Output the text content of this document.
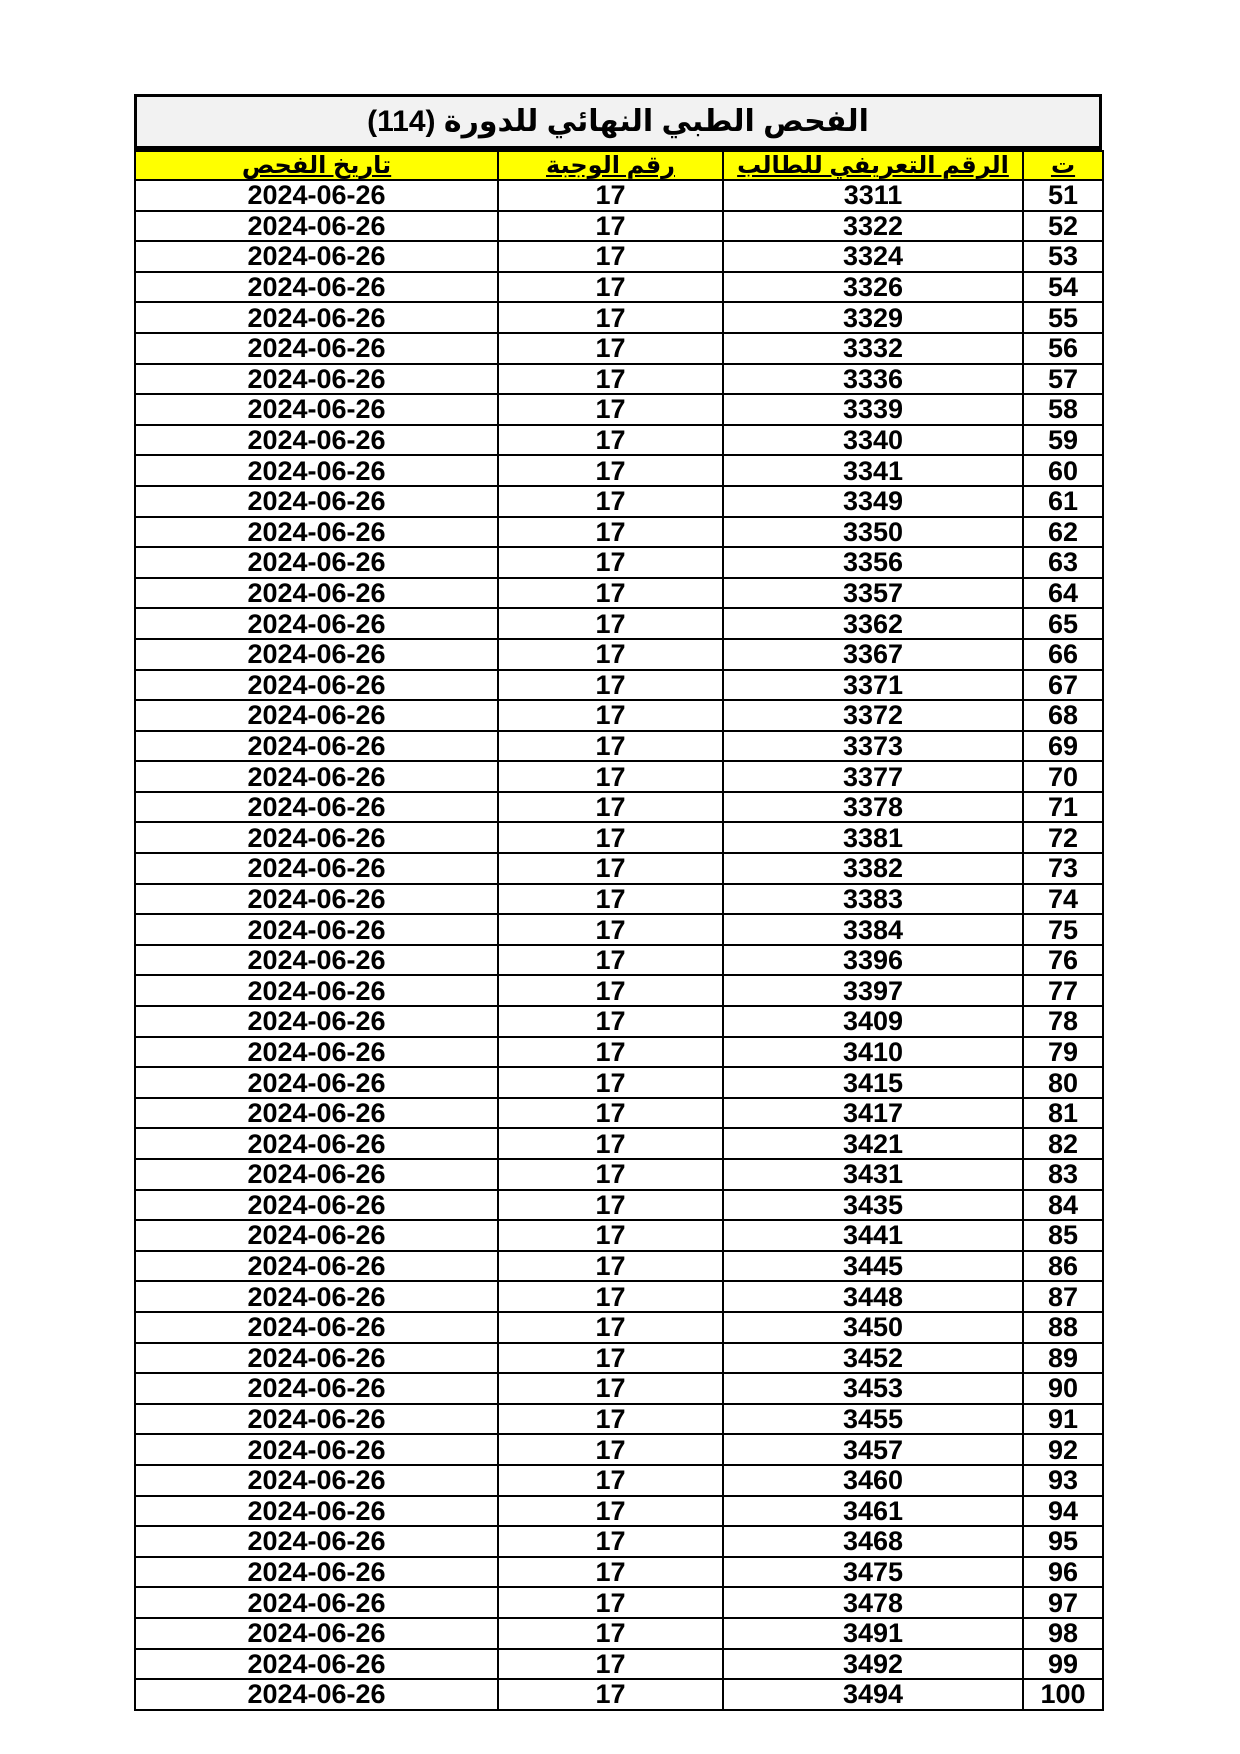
الفحص الطبي النهائي للدورة (114)
ت	الرقم التعريفي للطالب	رقم الوجبة	تاريخ الفحص
51	3311	17	2024-06-26
52	3322	17	2024-06-26
53	3324	17	2024-06-26
54	3326	17	2024-06-26
55	3329	17	2024-06-26
56	3332	17	2024-06-26
57	3336	17	2024-06-26
58	3339	17	2024-06-26
59	3340	17	2024-06-26
60	3341	17	2024-06-26
61	3349	17	2024-06-26
62	3350	17	2024-06-26
63	3356	17	2024-06-26
64	3357	17	2024-06-26
65	3362	17	2024-06-26
66	3367	17	2024-06-26
67	3371	17	2024-06-26
68	3372	17	2024-06-26
69	3373	17	2024-06-26
70	3377	17	2024-06-26
71	3378	17	2024-06-26
72	3381	17	2024-06-26
73	3382	17	2024-06-26
74	3383	17	2024-06-26
75	3384	17	2024-06-26
76	3396	17	2024-06-26
77	3397	17	2024-06-26
78	3409	17	2024-06-26
79	3410	17	2024-06-26
80	3415	17	2024-06-26
81	3417	17	2024-06-26
82	3421	17	2024-06-26
83	3431	17	2024-06-26
84	3435	17	2024-06-26
85	3441	17	2024-06-26
86	3445	17	2024-06-26
87	3448	17	2024-06-26
88	3450	17	2024-06-26
89	3452	17	2024-06-26
90	3453	17	2024-06-26
91	3455	17	2024-06-26
92	3457	17	2024-06-26
93	3460	17	2024-06-26
94	3461	17	2024-06-26
95	3468	17	2024-06-26
96	3475	17	2024-06-26
97	3478	17	2024-06-26
98	3491	17	2024-06-26
99	3492	17	2024-06-26
100	3494	17	2024-06-26
